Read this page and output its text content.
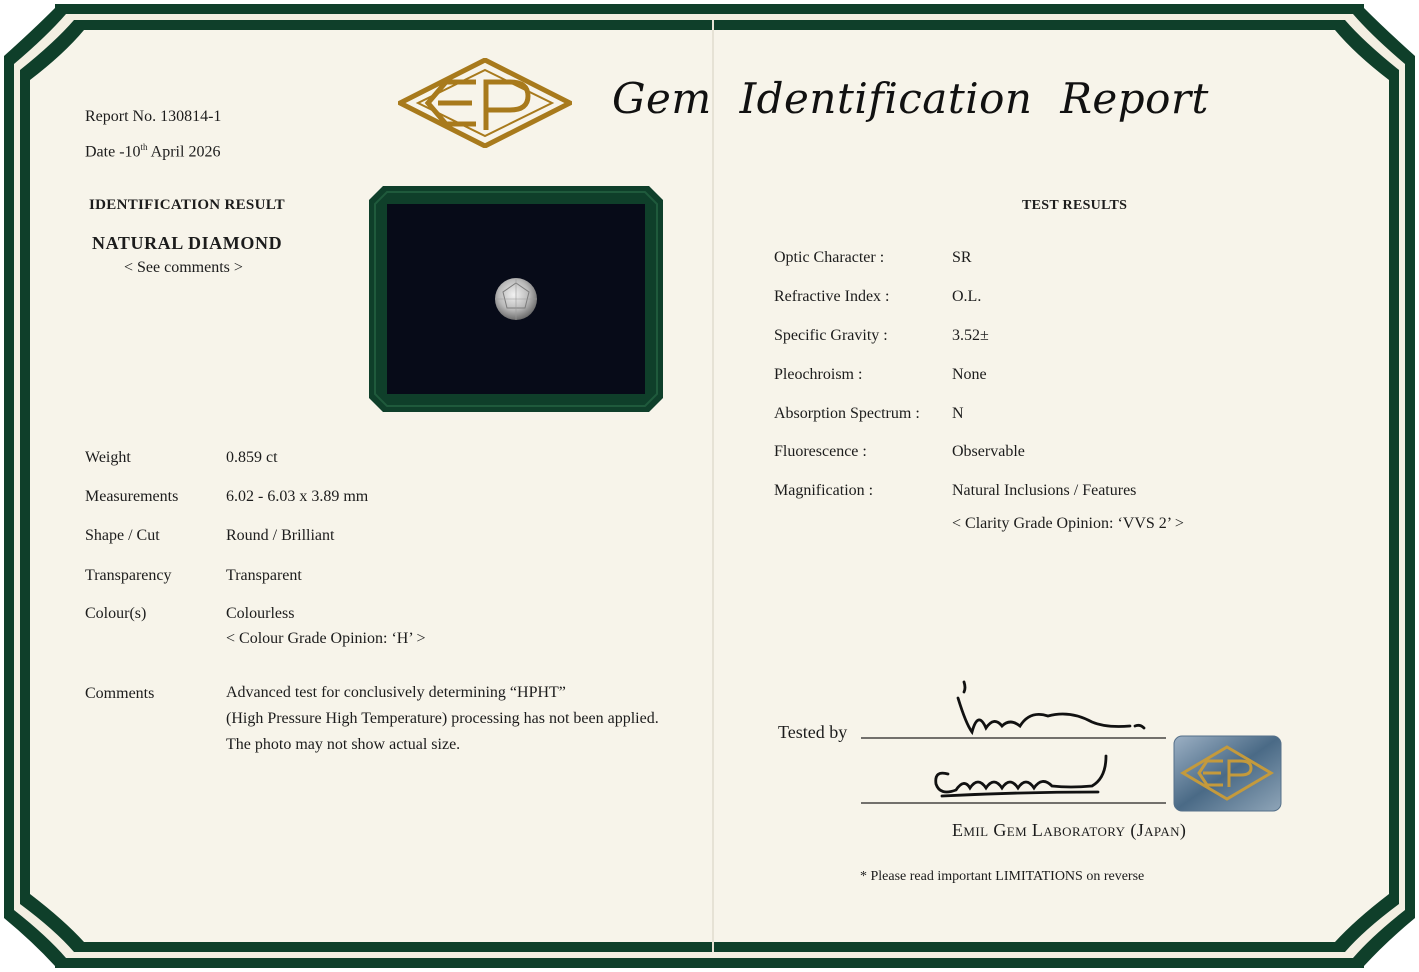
Gem Identification Report
Report No. 130814-1
Date -10th April 2026
IDENTIFICATION RESULT
NATURAL DIAMOND
< See comments >
Weight	0.859 ct
Measurements	6.02 - 6.03 x 3.89 mm
Shape / Cut	Round / Brilliant
Transparency	Transparent
Colour(s)	Colourless
< Colour Grade Opinion: ‘H’ >
Comments	Advanced test for conclusively determining “HPHT”
(High Pressure High Temperature) processing has not been applied.
The photo may not show actual size.
TEST RESULTS
Optic Character :	SR
Refractive Index :	O.L.
Specific Gravity :	3.52±
Pleochroism :	None
Absorption Spectrum : N
Fluorescence :	Observable
Magnification :	Natural Inclusions / Features
< Clarity Grade Opinion: ‘VVS 2’ >
Tested by
Emil Gem Laboratory (Japan)
* Please read important LIMITATIONS on reverse
